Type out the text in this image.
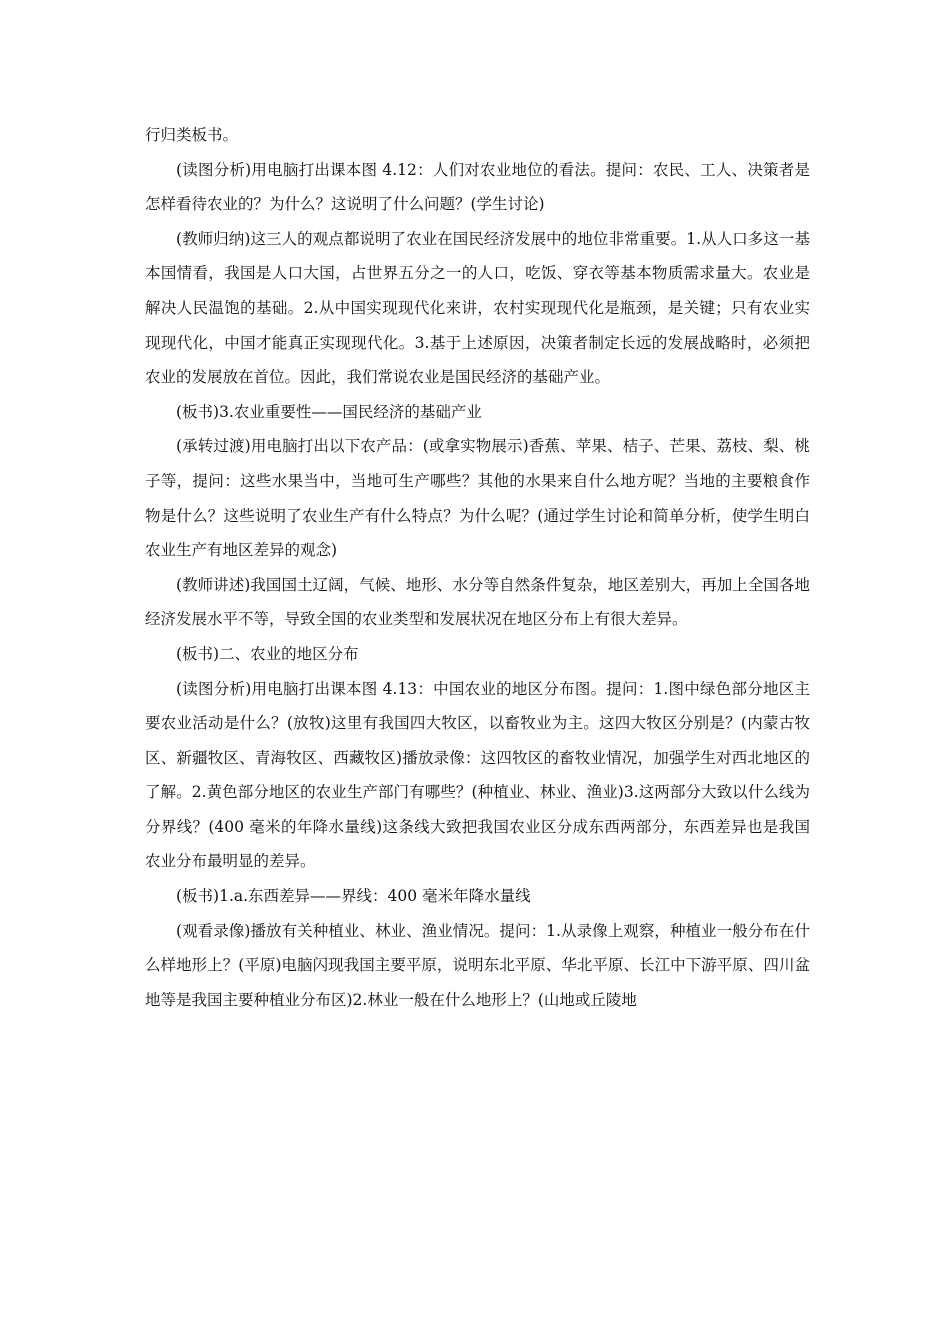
行归类板书。

(读图分析)用电脑打出课本图 4.12：人们对农业地位的看法。提问：农民、工人、决策者是怎样看待农业的？为什么？这说明了什么问题？(学生讨论)

(教师归纳)这三人的观点都说明了农业在国民经济发展中的地位非常重要。1.从人口多这一基本国情看，我国是人口大国，占世界五分之一的人口，吃饭、穿衣等基本物质需求量大。农业是解决人民温饱的基础。2.从中国实现现代化来讲，农村实现现代化是瓶颈，是关键；只有农业实现现代化，中国才能真正实现现代化。3.基于上述原因，决策者制定长远的发展战略时，必须把农业的发展放在首位。因此，我们常说农业是国民经济的基础产业。

(板书)3.农业重要性——国民经济的基础产业

(承转过渡)用电脑打出以下农产品：(或拿实物展示)香蕉、苹果、桔子、芒果、荔枝、梨、桃子等，提问：这些水果当中，当地可生产哪些？其他的水果来自什么地方呢？当地的主要粮食作物是什么？这些说明了农业生产有什么特点？为什么呢？(通过学生讨论和简单分析，使学生明白农业生产有地区差异的观念)

(教师讲述)我国国土辽阔，气候、地形、水分等自然条件复杂，地区差别大，再加上全国各地经济发展水平不等，导致全国的农业类型和发展状况在地区分布上有很大差异。

(板书)二、农业的地区分布

(读图分析)用电脑打出课本图 4.13：中国农业的地区分布图。提问：1.图中绿色部分地区主要农业活动是什么？(放牧)这里有我国四大牧区，以畜牧业为主。这四大牧区分别是？(内蒙古牧区、新疆牧区、青海牧区、西藏牧区)播放录像：这四牧区的畜牧业情况，加强学生对西北地区的了解。2.黄色部分地区的农业生产部门有哪些？(种植业、林业、渔业)3.这两部分大致以什么线为分界线？(400 毫米的年降水量线)这条线大致把我国农业区分成东西两部分，东西差异也是我国农业分布最明显的差异。

(板书)1.a.东西差异——界线：400 毫米年降水量线

(观看录像)播放有关种植业、林业、渔业情况。提问：1.从录像上观察，种植业一般分布在什么样地形上？(平原)电脑闪现我国主要平原，说明东北平原、华北平原、长江中下游平原、四川盆地等是我国主要种植业分布区)2.林业一般在什么地形上？(山地或丘陵地
